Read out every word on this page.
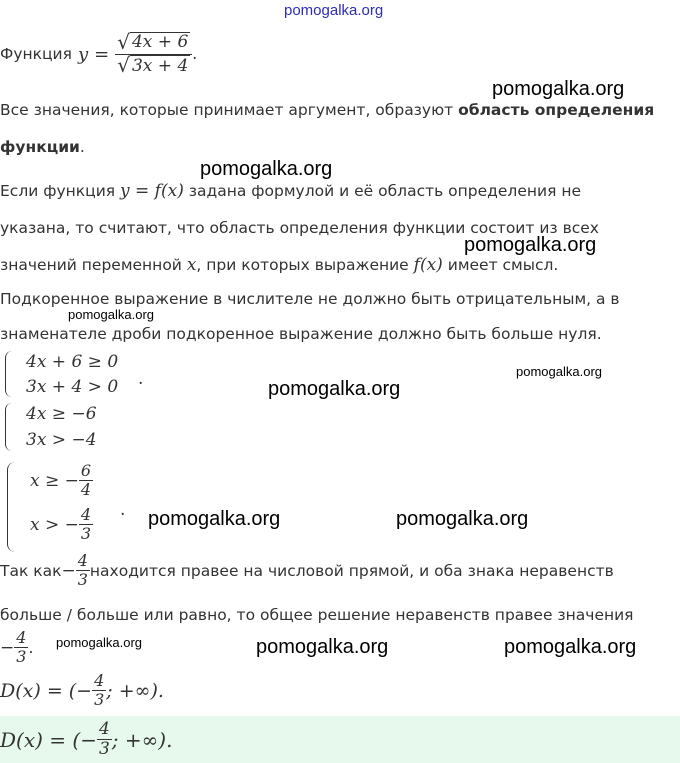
pomogalka.org
Функция $y = \frac{√ 4x + 6}{√ 3x + 4}$ .
pomogalka.org
Все значения, которые принимает аргумент, образуют область определения
функции.
pomogalka.org
Если функция y = f(x) задана формулой и её область определения не
указана, то считают, что область определения функции состоит из всех
pomogalka.org
значений переменной x, при которых выражение f(x) имеет смысл.
Подкоренное выражение в числителе не должно быть отрицательным, а в
pomogalka.org
знаменателе дроби подкоренное выражение должно быть больше нуля.
4x + 6 ≥ 0
3x + 4 > 0 .	pomogalka.org
pomogalka.org
4x ≥ −6
3x > −4
x ≥ − $\frac{6}{4}$
x > − $\frac{4}{3}$ . pomogalka.org	pomogalka.org
Так как − $\frac{4}{3}$ находится правее на числовой прямой, и оба знака неравенств
больше / больше или равно, то общее решение неравенств правее значения
− $\frac{4}{3}$ . pomogalka.org	pomogalka.org	pomogalka.org
D(x) = (− $\frac{4}{3}$ ; +∞).
D(x) = (− $\frac{4}{3}$ ; +∞).
